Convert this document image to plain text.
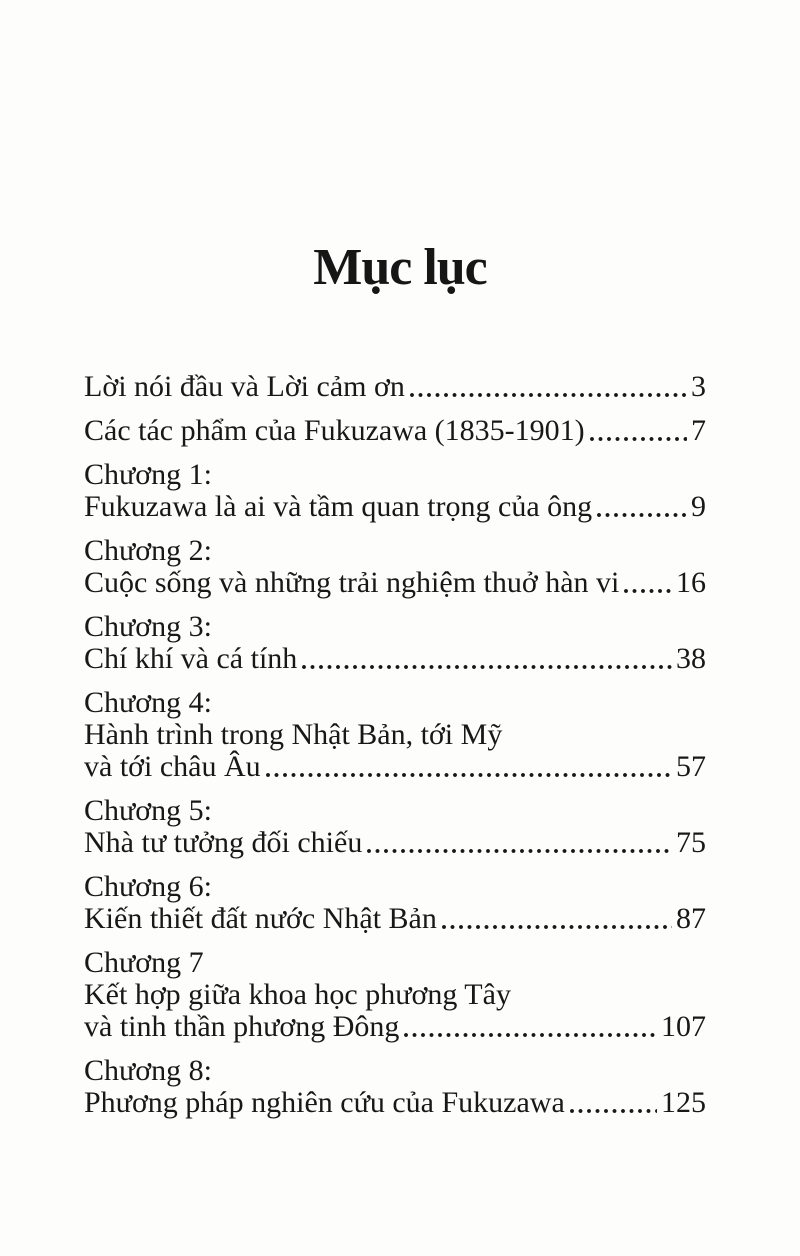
Mục lục
Lời nói đầu và Lời cảm ơn	3
Các tác phẩm của Fukuzawa (1835-1901)	7
Chương 1:
Fukuzawa là ai và tầm quan trọng của ông	9
Chương 2:
Cuộc sống và những trải nghiệm thuở hàn vi 16
Chương 3:
Chí khí và cá tính	38
Chương 4:
Hành trình trong Nhật Bản, tới Mỹ
và tới châu Âu	57
Chương 5:
Nhà tư tưởng đối chiếu	75
Chương 6:
Kiến thiết đất nước Nhật Bản	87
Chương 7
Kết hợp giữa khoa học phương Tây
và tinh thần phương Đông	107
Chương 8:
Phương pháp nghiên cứu của Fukuzawa	125
